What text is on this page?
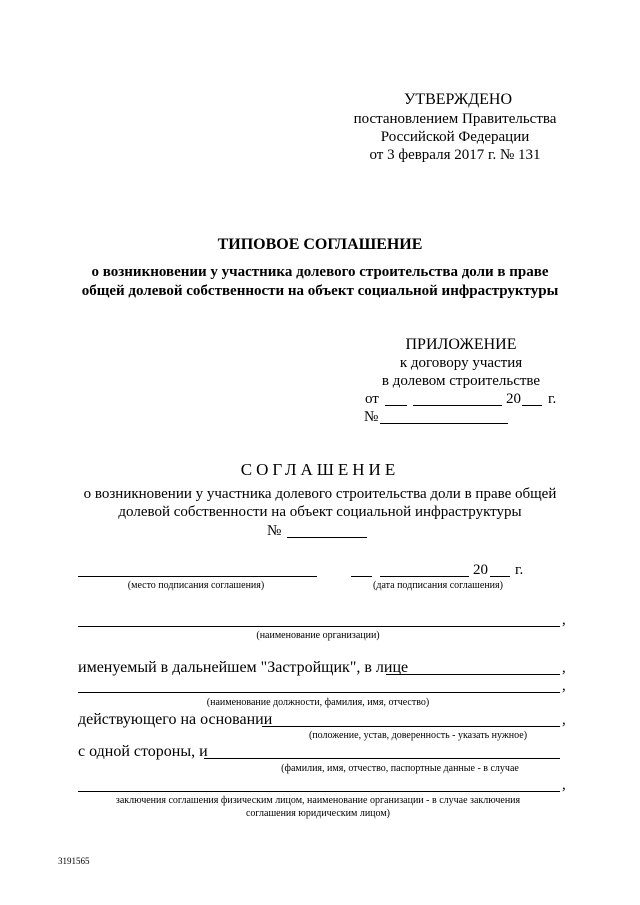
УТВЕРЖДЕНО
постановлением Правительства
Российской Федерации
от 3 февраля 2017 г. № 131
ТИПОВОЕ СОГЛАШЕНИЕ
о возникновении у участника долевого строительства доли в праве
общей долевой собственности на объект социальной инфраструктуры
ПРИЛОЖЕНИЕ
к договору участия
в долевом строительстве
от	20 г.
№
СОГЛАШЕНИЕ
о возникновении у участника долевого строительства доли в праве общей
долевой собственности на объект социальной инфраструктуры
№
20 г.
(место подписания соглашения)	(дата подписания соглашения)
,
(наименование организации)
именуемый в дальнейшем "Застройщик", в лице	,
,
(наименование должности, фамилия, имя, отчество)
действующего на основании	,
(положение, устав, доверенность - указать нужное)
с одной стороны, и
(фамилия, имя, отчество, паспортные данные - в случае
,
заключения соглашения физическим лицом, наименование организации - в случае заключения
соглашения юридическим лицом)
3191565
